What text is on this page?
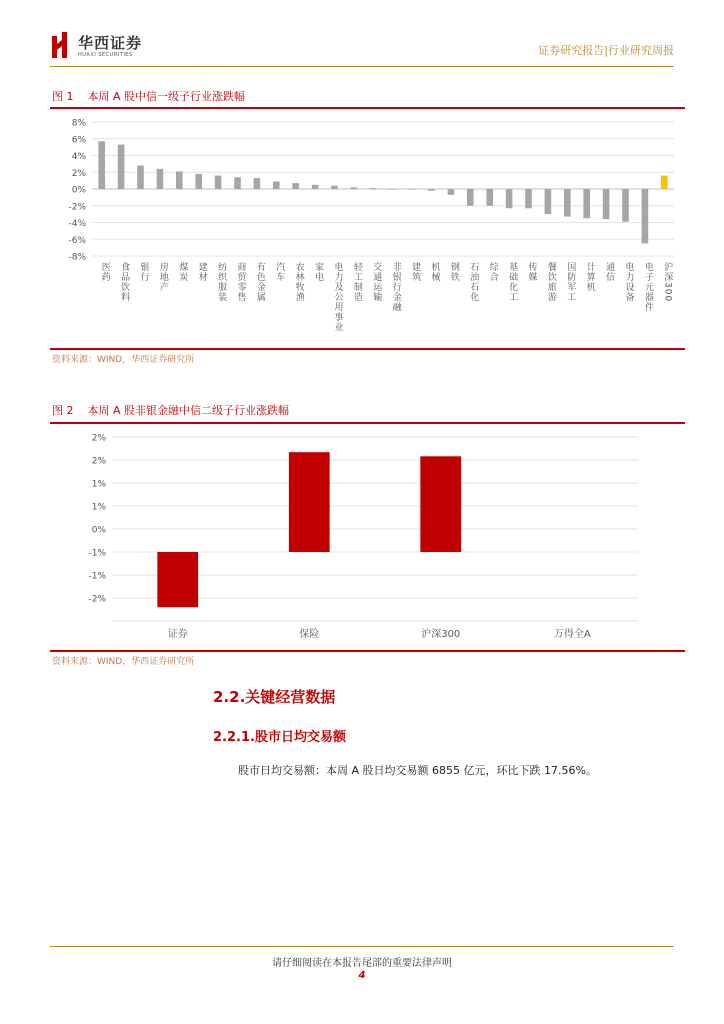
华西证券
HUAXI SECURITIES	证券研究报告|行业研究周报
图 1 本周 A 股中信一级子行业涨跌幅
8%
6%
4%
2%
0%
-2%
-4%
-6%
-8%
医药 食品饮料 银行 房地产 煤炭 建材 纺织服装 商贸零售 有色金属 汽车 农林牧渔 家电 电力及公用事业 轻工制造 交通运输 非银行金融 建筑 机械 钢铁 石油石化 综合 基础化工 传媒 餐饮旅游 国防军工 计算机 通信 电力设备 电子元器件 沪深300
资料来源：WIND，华西证券研究所
图 2 本周 A 股非银金融中信二级子行业涨跌幅
2%
2%
1%
1%
0%
-1%
-1%
-2%
证券	保险	沪深300	万得全A
资料来源：WIND，华西证券研究所
2.2.关键经营数据
2.2.1.股市日均交易额
股市日均交易额：本周 A 股日均交易额 6855 亿元，环比下跌 17.56%。
请仔细阅读在本报告尾部的重要法律声明
4
